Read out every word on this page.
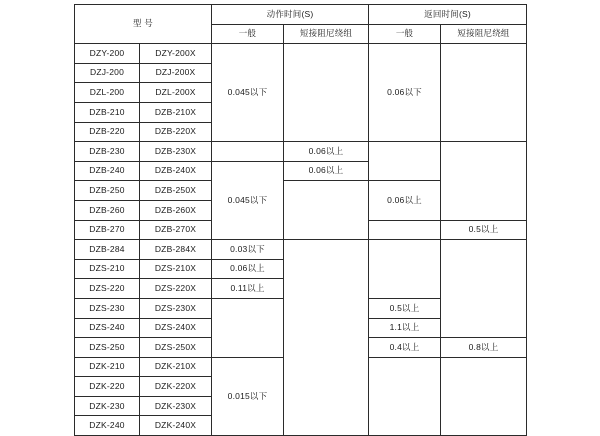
型 号		动作时间(S)		返回时间(S)	
		一般	短接阻尼绕组	一般	短接阻尼绕组
DZY-200	DZY-200X	0.045以下		0.06以下	
DZJ-200	DZJ-200X				
DZL-200	DZL-200X				
DZB-210	DZB-210X				
DZB-220	DZB-220X				
DZB-230	DZB-230X		0.06以上		
DZB-240	DZB-240X	0.045以下	0.06以上		
DZB-250	DZB-250X			0.06以上	
DZB-260	DZB-260X				
DZB-270	DZB-270X				0.5以上
DZB-284	DZB-284X	0.03以下			
DZS-210	DZS-210X	0.06以上			
DZS-220	DZS-220X	0.11以上			
DZS-230	DZS-230X			0.5以上	
DZS-240	DZS-240X			1.1以上	
DZS-250	DZS-250X			0.4以上	0.8以上
DZK-210	DZK-210X	0.015以下			
DZK-220	DZK-220X				
DZK-230	DZK-230X				
DZK-240	DZK-240X				
